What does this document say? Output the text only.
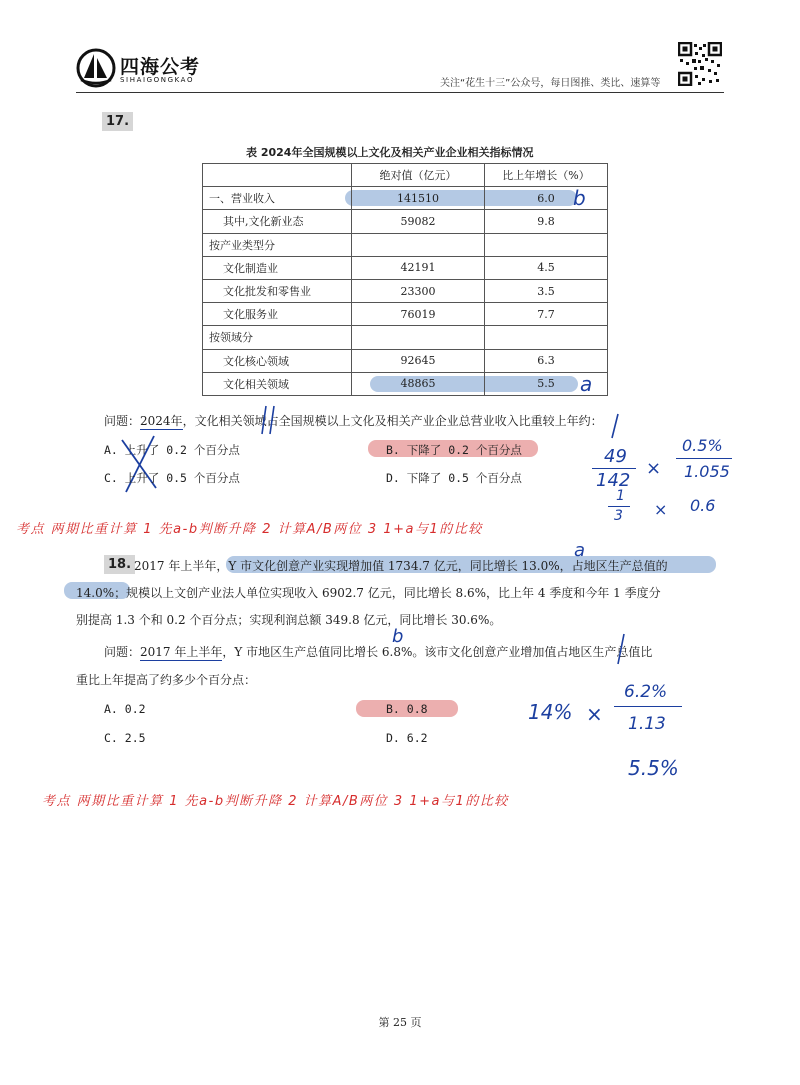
四海公考
SIHAIGONGKAO	关注“花生十三”公众号，每日图推、类比、速算等
17.
表 2024年全国规模以上文化及相关产业企业相关指标情况
	绝对值（亿元）	比上年增长（%）
一、营业收入	141510	6.0
其中,文化新业态	59082	9.8
按产业类型分		
文化制造业	42191	4.5
文化批发和零售业	23300	3.5
文化服务业	76019	7.7
按领域分		
文化核心领域	92645	6.3
文化相关领域	48865	5.5
b
a
问题：2024年，文化相关领域占全国规模以上文化及相关产业企业总营业收入比重较上年约：
A. 上升了 0.2 个百分点	B. 下降了 0.2 个百分点
C. 上升了 0.5 个百分点	D. 下降了 0.5 个百分点
49
142
×
0.5%
1.055
1
3 × 0.6
考点 两期比重计算 1 先a-b判断升降 2 计算A/B两位 3 1+a与1的比较
18. 2017 年上半年，Y 市文化创意产业实现增加值 1734.7 亿元，同比增长 13.0%，占地区生产总值的
a
14.0%；规模以上文创产业法人单位实现收入 6902.7 亿元，同比增长 8.6%，比上年 4 季度和今年 1 季度分
别提高 1.3 个和 0.2 个百分点；实现利润总额 349.8 亿元，同比增长 30.6%。
b
问题：2017 年上半年，Y 市地区生产总值同比增长 6.8%。该市文化创意产业增加值占地区生产总值比
重比上年提高了约多少个百分点：
A. 0.2	B. 0.8
C. 2.5	D. 6.2
14% ×
6.2%
1.13
5.5%
考点 两期比重计算 1 先a-b判断升降 2 计算A/B两位 3 1+a与1的比较
第 25 页
